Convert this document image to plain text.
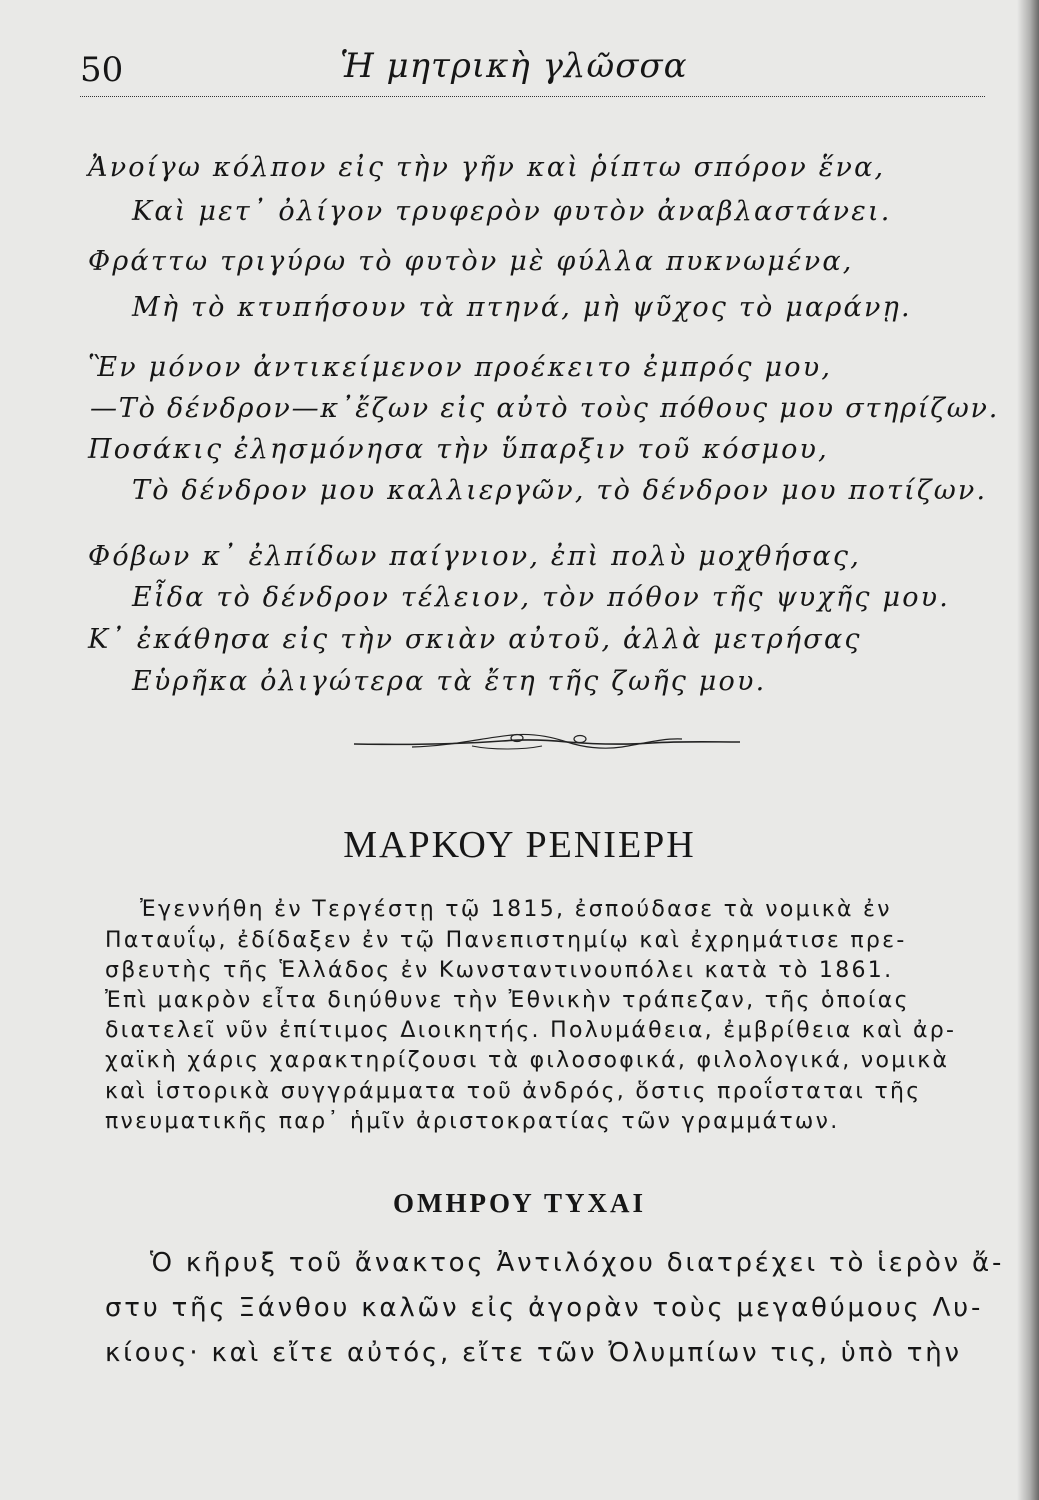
50	Ἡ μητρικὴ γλῶσσα
Ἀνοίγω κόλπον εἰς τὴν γῆν καὶ ῥίπτω σπόρον ἕνα,
Καὶ μετ᾽ ὀλίγον τρυφερὸν φυτὸν ἀναβλαστάνει.
Φράττω τριγύρω τὸ φυτὸν μὲ φύλλα πυκνωμένα,
Μὴ τὸ κτυπήσουν τὰ πτηνά, μὴ ψῦχος τὸ μαράνῃ.
Ἓν μόνον ἀντικείμενον προέκειτο ἐμπρός μου,
—Τὸ δένδρον—κ᾽ἔζων εἰς αὐτὸ τοὺς πόθους μου στηρίζων.
Ποσάκις ἐλησμόνησα τὴν ὕπαρξιν τοῦ κόσμου,
Τὸ δένδρον μου καλλιεργῶν, τὸ δένδρον μου ποτίζων.
Φόβων κ᾽ ἐλπίδων παίγνιον, ἐπὶ πολὺ μοχθήσας,
Εἶδα τὸ δένδρον τέλειον, τὸν πόθον τῆς ψυχῆς μου.
Κ᾽ ἐκάθησα εἰς τὴν σκιὰν αὐτοῦ, ἀλλὰ μετρήσας
Εὑρῆκα ὀλιγώτερα τὰ ἔτη τῆς ζωῆς μου.
ΜΑΡΚΟΥ ΡΕΝΙΕΡΗ
Ἐγεννήθη ἐν Τεργέστῃ τῷ 1815, ἐσπούδασε τὰ νομικὰ ἐν
Παταυΐῳ, ἐδίδαξεν ἐν τῷ Πανεπιστημίῳ καὶ ἐχρημάτισε πρε-
σβευτὴς τῆς Ἑλλάδος ἐν Κωνσταντινουπόλει κατὰ τὸ 1861.
Ἐπὶ μακρὸν εἶτα διηύθυνε τὴν Ἐθνικὴν τράπεζαν, τῆς ὁποίας
διατελεῖ νῦν ἐπίτιμος Διοικητής. Πολυμάθεια, ἐμβρίθεια καὶ ἀρ-
χαϊκὴ χάρις χαρακτηρίζουσι τὰ φιλοσοφικά, φιλολογικά, νομικὰ
καὶ ἱστορικὰ συγγράμματα τοῦ ἀνδρός, ὅστις προΐσταται τῆς
πνευματικῆς παρ᾽ ἡμῖν ἀριστοκρατίας τῶν γραμμάτων.
ΟΜΗΡΟΥ ΤΥΧΑΙ
Ὁ κῆρυξ τοῦ ἄνακτος Ἀντιλόχου διατρέχει τὸ ἱερὸν ἄ-
στυ τῆς Ξάνθου καλῶν εἰς ἀγορὰν τοὺς μεγαθύμους Λυ-
κίους· καὶ εἴτε αὐτός, εἴτε τῶν Ὀλυμπίων τις, ὑπὸ τὴν
